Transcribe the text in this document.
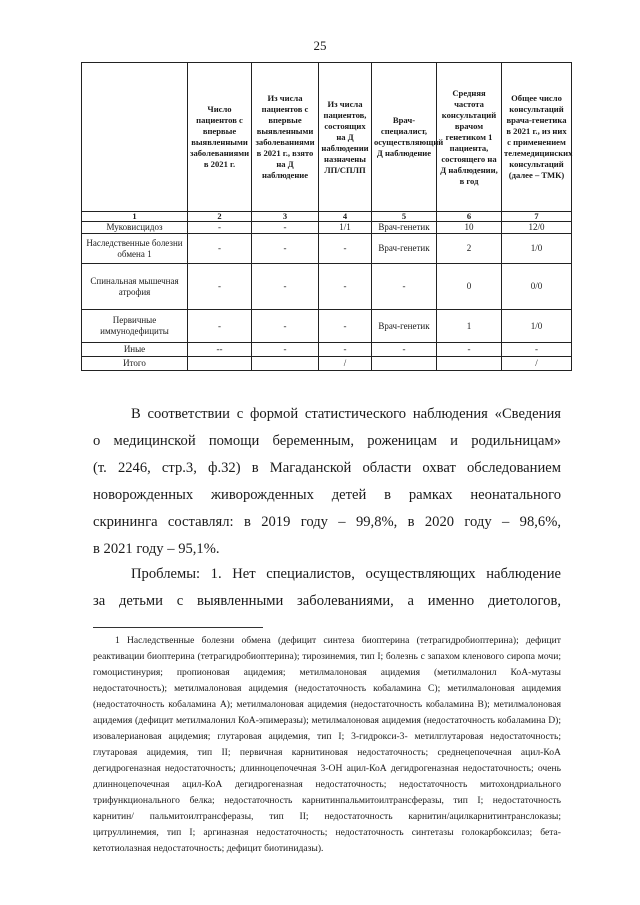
25
	Число пациентов с впервые выявленными заболеваниями в 2021 г.	Из числа пациентов с впервые выявленными заболеваниями в 2021 г., взято на Д наблюдение	Из числа пациентов, состоящих на Д наблюдении назначены ЛП/СПЛП	Врач-специалист, осуществляющий Д наблюдение	Средняя частота консультаций врачом генетиком 1 пациента, состоящего на Д наблюдении, в год	Общее число консультаций врача-генетика в 2021 г., из них с применением телемедицинских консультаций (далее – ТМК)
1	2	3	4	5	6	7
Муковисцидоз	-	-	1/1	Врач-генетик	10	12/0
Наследственные болезни обмена 1	-	-	-	Врач-генетик	2	1/0
Спинальная мышечная атрофия	-	-	-	-	0	0/0
Первичные иммунодефициты	-	-	-	Врач-генетик	1	1/0
Иные	--	-	-	-	-	-
Итого			/			/
В соответствии с формой статистического наблюдения «Сведения
о медицинской помощи беременным, роженицам и родильницам»
(т. 2246, стр.3, ф.32) в Магаданской области охват обследованием
новорожденных живорожденных детей в рамках неонатального
скрининга составлял: в 2019 году – 99,8%, в 2020 году – 98,6%,
в 2021 году – 95,1%.
Проблемы: 1. Нет специалистов, осуществляющих наблюдение
за детьми с выявленными заболеваниями, а именно диетологов,
1 Наследственные болезни обмена (дефицит синтеза биоптерина (тетрагидробиоптерина); дефицит реактивации биоптерина (тетрагидробиоптерина); тирозинемия, тип I; болезнь с запахом кленового сиропа мочи; гомоцистинурия; пропионовая ацидемия; метилмалоновая ацидемия (метилмалонил КоА-мутазы недостаточность); метилмалоновая ацидемия (недостаточность кобаламина С); метилмалоновая ацидемия (недостаточность кобаламина А); метилмалоновая ацидемия (недостаточность кобаламина В); метилмалоновая ацидемия (дефицит метилмалонил КоА-эпимеразы); метилмалоновая ацидемия (недостаточность кобаламина D); изовалериановая ацидемия; глутаровая ацидемия, тип I; 3-гидрокси-3- метилглутаровая недостаточность; глутаровая ацидемия, тип II; первичная карнитиновая недостаточность; среднецепочечная ацил-КоА дегидрогеназная недостаточность; длинноцепочечная 3-ОН ацил-КоА дегидрогеназная недостаточность; очень длинноцепочечная ацил-КоА дегидрогеназная недостаточность; недостаточность митохондриального трифункционального белка; недостаточность карнитинпальмитоилтрансферазы, тип I; недостаточность карнитин/ пальмитоилтрансферазы, тип II; недостаточность карнитин/ацилкарнитинтранслоказы; цитруллинемия, тип I; аргиназная недостаточность; недостаточность синтетазы голокарбоксилаз; бета-кетотиолазная недостаточность; дефицит биотинидазы).
